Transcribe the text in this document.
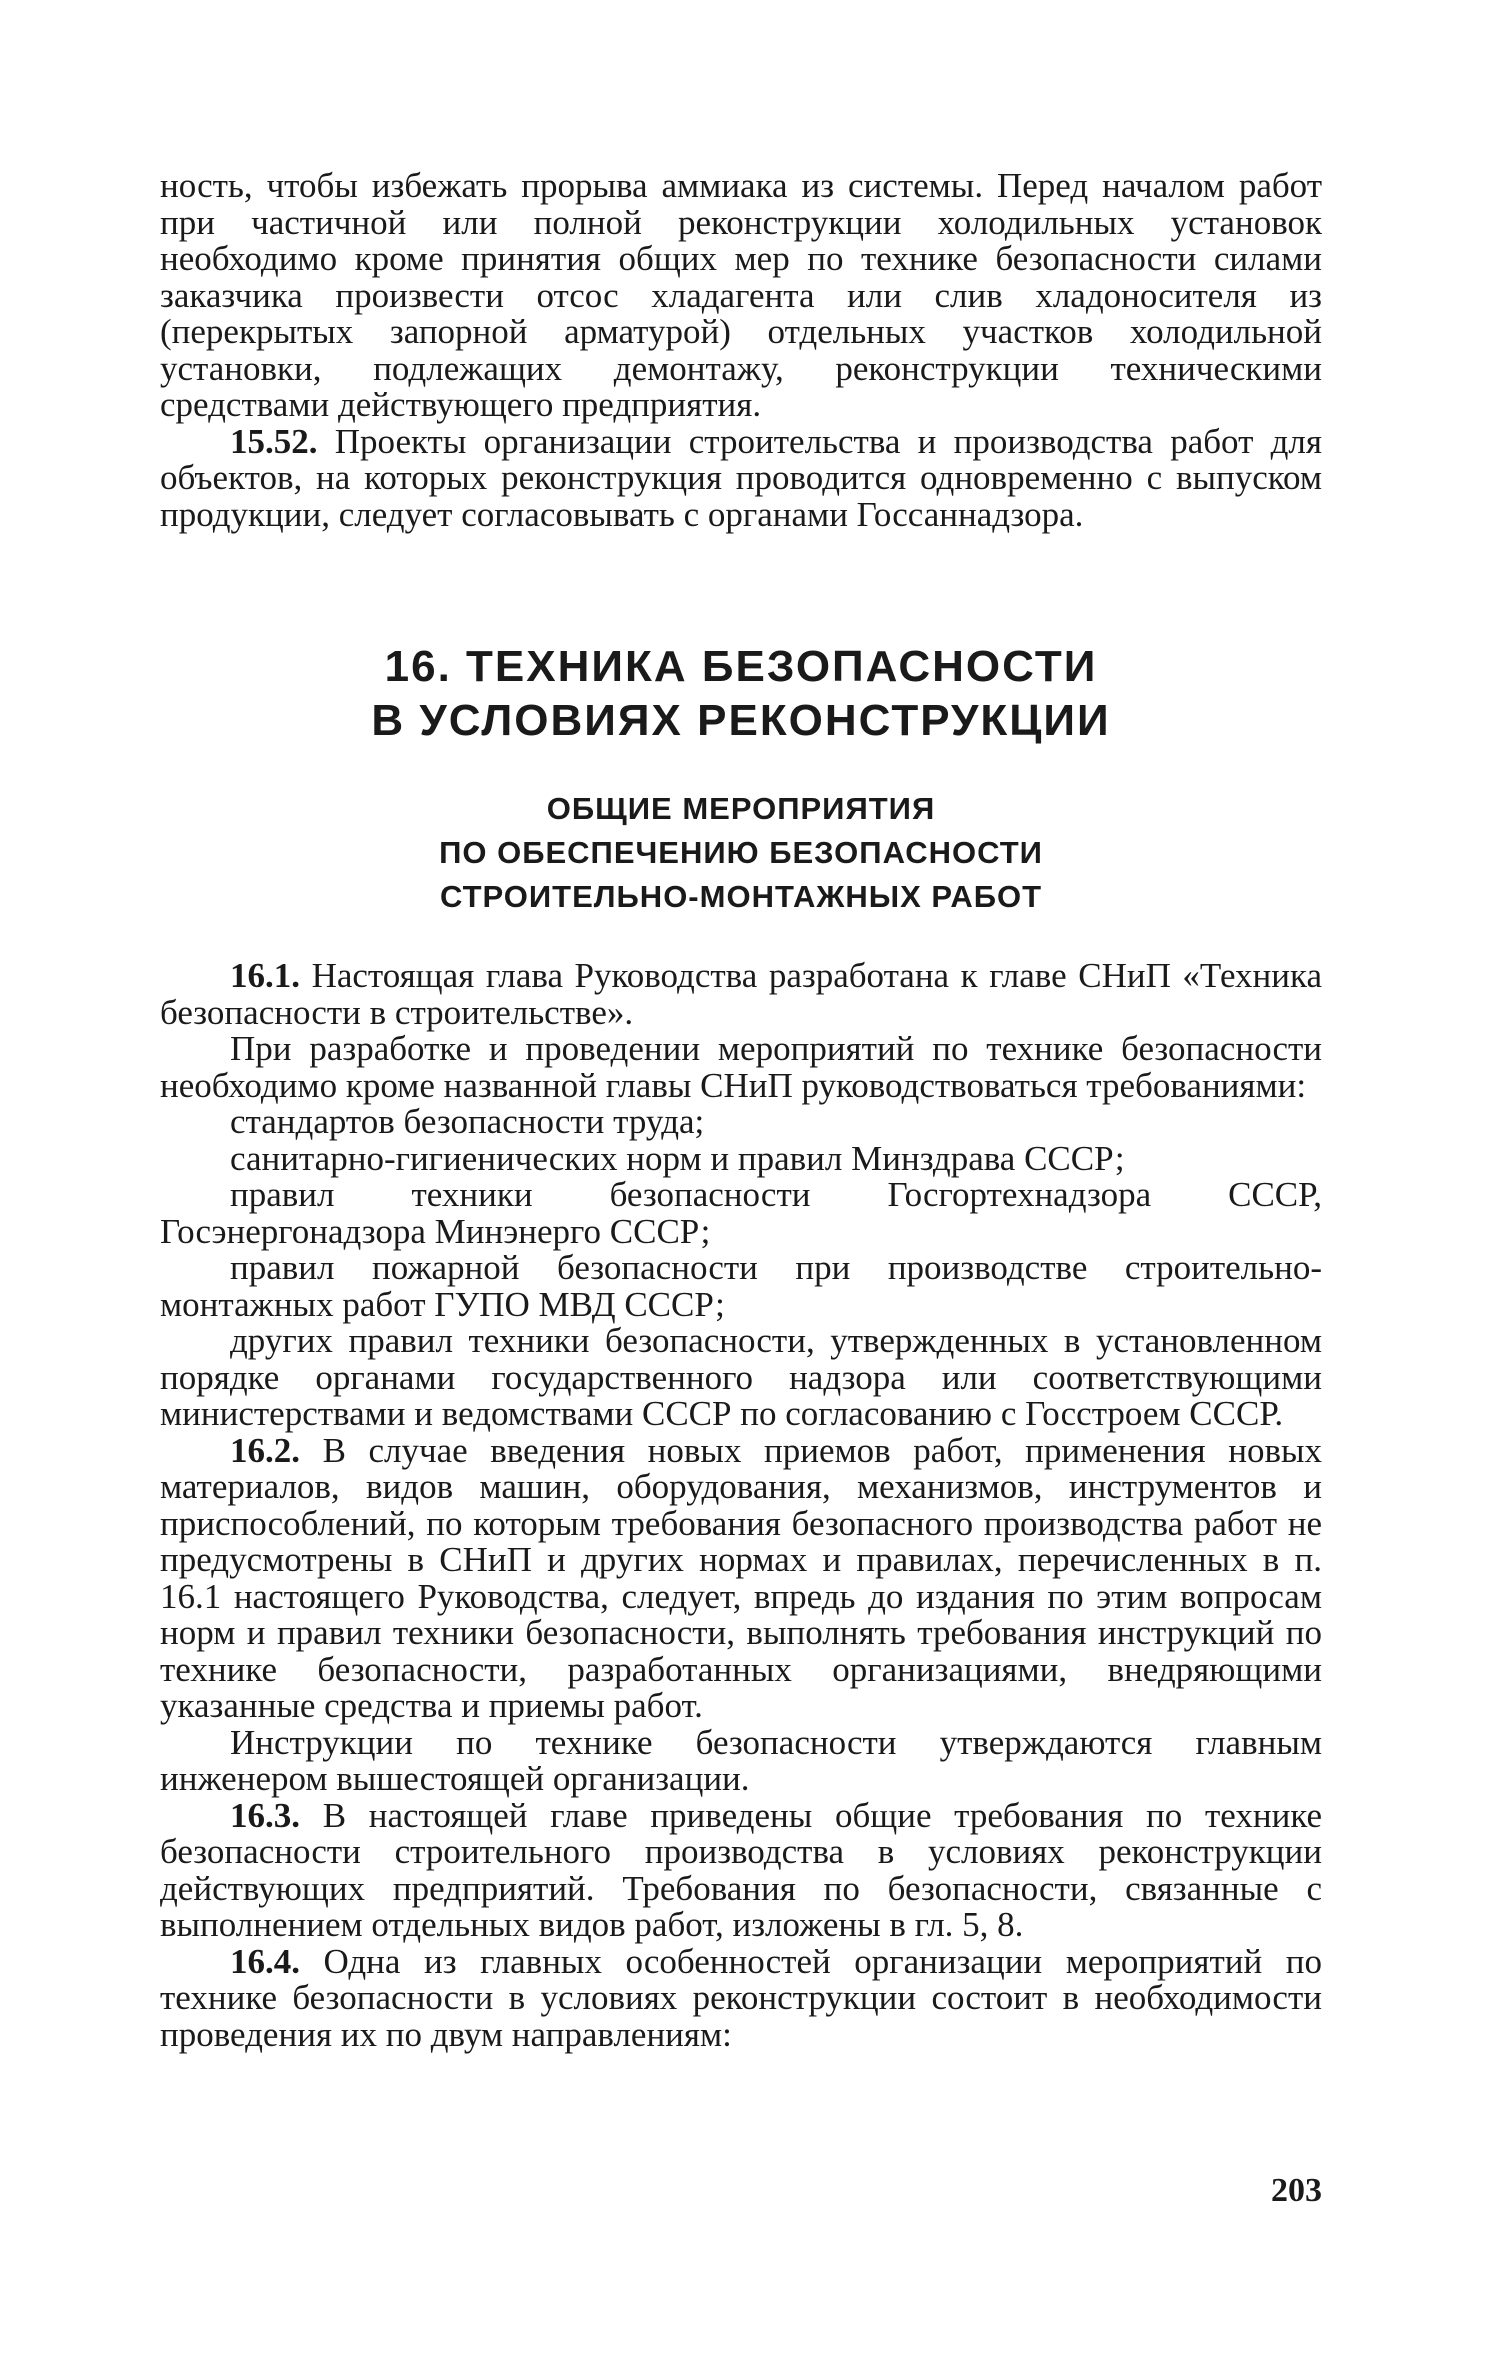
ность, чтобы избежать прорыва аммиака из системы. Перед началом работ при частичной или полной реконструкции холодильных установок необходимо кроме принятия общих мер по технике безопасности силами заказчика произвести отсос хладагента или слив хладоносителя из (перекрытых запорной арматурой) отдельных участков холодильной установки, подлежащих демонтажу, реконструкции техническими средствами действующего предприятия.

15.52. Проекты организации строительства и производства работ для объектов, на которых реконструкция проводится одновременно с выпуском продукции, следует согласовывать с органами Госсаннадзора.

16. ТЕХНИКА БЕЗОПАСНОСТИ
В УСЛОВИЯХ РЕКОНСТРУКЦИИ
ОБЩИЕ МЕРОПРИЯТИЯ
ПО ОБЕСПЕЧЕНИЮ БЕЗОПАСНОСТИ
СТРОИТЕЛЬНО-МОНТАЖНЫХ РАБОТ

16.1. Настоящая глава Руководства разработана к главе СНиП «Техника безопасности в строительстве».

При разработке и проведении мероприятий по технике безопасности необходимо кроме названной главы СНиП руководствоваться требованиями:

стандартов безопасности труда;

санитарно-гигиенических норм и правил Минздрава СССР;

правил техники безопасности Госгортехнадзора СССР, Госэнергонадзора Минэнерго СССР;

правил пожарной безопасности при производстве строительно-монтажных работ ГУПО МВД СССР;

других правил техники безопасности, утвержденных в установленном порядке органами государственного надзора или соответствующими министерствами и ведомствами СССР по согласованию с Госстроем СССР.

16.2. В случае введения новых приемов работ, применения новых материалов, видов машин, оборудования, механизмов, инструментов и приспособлений, по которым требования безопасного производства работ не предусмотрены в СНиП и других нормах и правилах, перечисленных в п. 16.1 настоящего Руководства, следует, впредь до издания по этим вопросам норм и правил техники безопасности, выполнять требования инструкций по технике безопасности, разработанных организациями, внедряющими указанные средства и приемы работ.

Инструкции по технике безопасности утверждаются главным инженером вышестоящей организации.

16.3. В настоящей главе приведены общие требования по технике безопасности строительного производства в условиях реконструкции действующих предприятий. Требования по безопасности, связанные с выполнением отдельных видов работ, изложены в гл. 5, 8.

16.4. Одна из главных особенностей организации мероприятий по технике безопасности в условиях реконструкции состоит в необходимости проведения их по двум направлениям:

203
